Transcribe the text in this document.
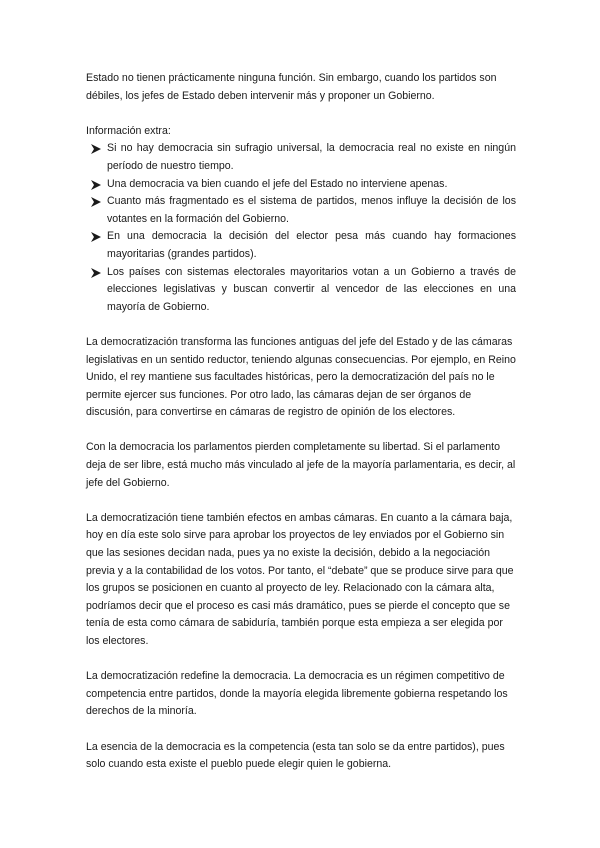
Estado no tienen prácticamente ninguna función. Sin embargo, cuando los partidos son débiles, los jefes de Estado deben intervenir más y proponer un Gobierno.

Información extra:

Si no hay democracia sin sufragio universal, la democracia real no existe en ningún período de nuestro tiempo.
Una democracia va bien cuando el jefe del Estado no interviene apenas.
Cuanto más fragmentado es el sistema de partidos, menos influye la decisión de los votantes en la formación del Gobierno.
En una democracia la decisión del elector pesa más cuando hay formaciones mayoritarias (grandes partidos).
Los países con sistemas electorales mayoritarios votan a un Gobierno a través de elecciones legislativas y buscan convertir al vencedor de las elecciones en una mayoría de Gobierno.

La democratización transforma las funciones antiguas del jefe del Estado y de las cámaras legislativas en un sentido reductor, teniendo algunas consecuencias. Por ejemplo, en Reino Unido, el rey mantiene sus facultades históricas, pero la democratización del país no le permite ejercer sus funciones. Por otro lado, las cámaras dejan de ser órganos de discusión, para convertirse en cámaras de registro de opinión de los electores.

Con la democracia los parlamentos pierden completamente su libertad. Si el parlamento deja de ser libre, está mucho más vinculado al jefe de la mayoría parlamentaria, es decir, al jefe del Gobierno.

La democratización tiene también efectos en ambas cámaras. En cuanto a la cámara baja, hoy en día este solo sirve para aprobar los proyectos de ley enviados por el Gobierno sin que las sesiones decidan nada, pues ya no existe la decisión, debido a la negociación previa y a la contabilidad de los votos. Por tanto, el “debate” que se produce sirve para que los grupos se posicionen en cuanto al proyecto de ley. Relacionado con la cámara alta, podríamos decir que el proceso es casi más dramático, pues se pierde el concepto que se tenía de esta como cámara de sabiduría, también porque esta empieza a ser elegida por los electores.

La democratización redefine la democracia. La democracia es un régimen competitivo de competencia entre partidos, donde la mayoría elegida libremente gobierna respetando los derechos de la minoría.

La esencia de la democracia es la competencia (esta tan solo se da entre partidos), pues solo cuando esta existe el pueblo puede elegir quien le gobierna.
